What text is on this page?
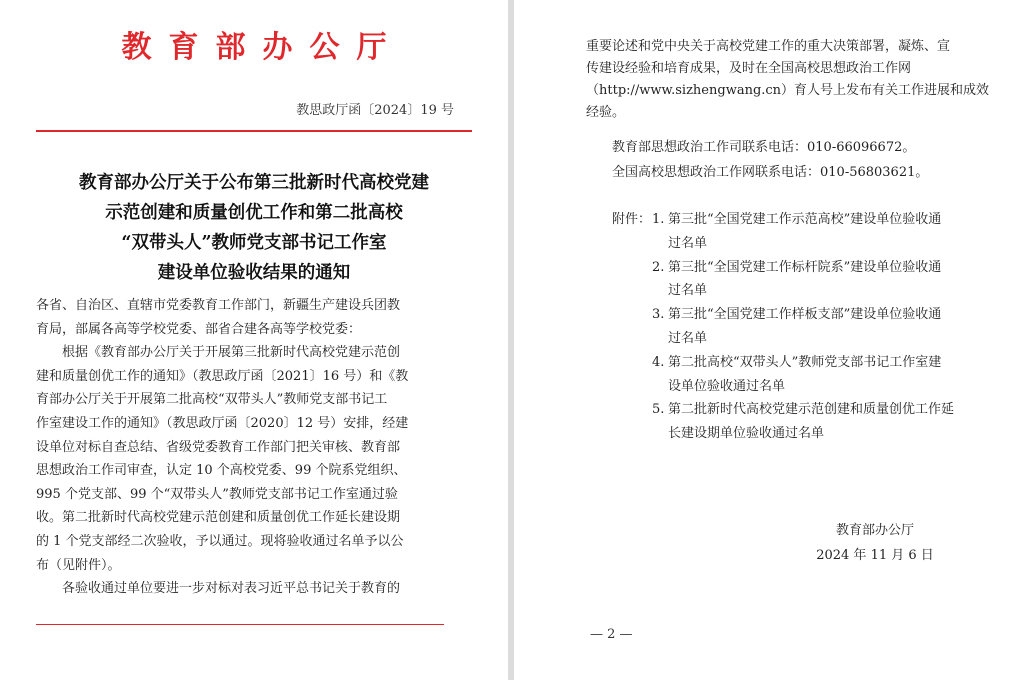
教育部办公厅
教思政厅函〔2024〕19 号
教育部办公厅关于公布第三批新时代高校党建
示范创建和质量创优工作和第二批高校
“双带头人”教师党支部书记工作室
建设单位验收结果的通知
各省、自治区、直辖市党委教育工作部门，新疆生产建设兵团教
育局，部属各高等学校党委、部省合建各高等学校党委：
根据《教育部办公厅关于开展第三批新时代高校党建示范创
建和质量创优工作的通知》（教思政厅函〔2021〕16 号）和《教
育部办公厅关于开展第二批高校“双带头人”教师党支部书记工
作室建设工作的通知》（教思政厅函〔2020〕12 号）安排，经建
设单位对标自查总结、省级党委教育工作部门把关审核、教育部
思想政治工作司审查，认定 10 个高校党委、99 个院系党组织、
995 个党支部、99 个“双带头人”教师党支部书记工作室通过验
收。第二批新时代高校党建示范创建和质量创优工作延长建设期
的 1 个党支部经二次验收，予以通过。现将验收通过名单予以公
布（见附件）。
各验收通过单位要进一步对标对表习近平总书记关于教育的
重要论述和党中央关于高校党建工作的重大决策部署，凝炼、宣
传建设经验和培育成果，及时在全国高校思想政治工作网
（http://www.sizhengwang.cn）育人号上发布有关工作进展和成效
经验。
教育部思想政治工作司联系电话：010-66096672。
全国高校思想政治工作网联系电话：010-56803621。
附件： 1. 第三批“全国党建工作示范高校”建设单位验收通
过名单
2. 第三批“全国党建工作标杆院系”建设单位验收通
过名单
3. 第三批“全国党建工作样板支部”建设单位验收通
过名单
4. 第二批高校“双带头人”教师党支部书记工作室建
设单位验收通过名单
5. 第二批新时代高校党建示范创建和质量创优工作延
长建设期单位验收通过名单
教育部办公厅
2024 年 11 月 6 日
— 2 —
